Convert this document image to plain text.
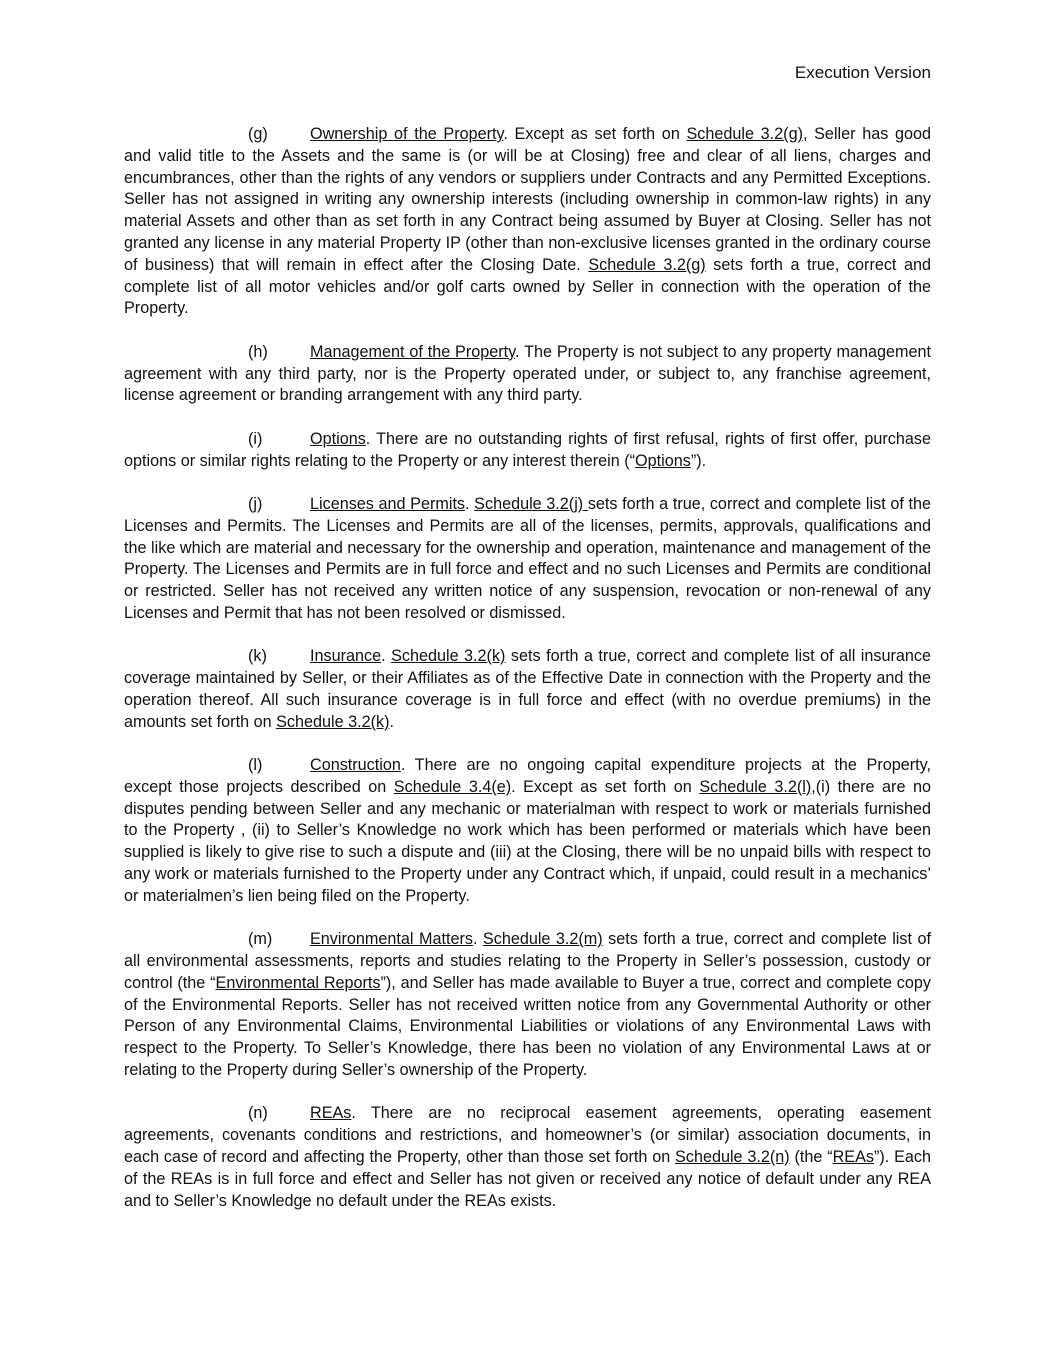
Execution Version

(g)	Ownership of the Property. Except as set forth on Schedule 3.2(g), Seller has good and valid title to the Assets and the same is (or will be at Closing) free and clear of all liens, charges and encumbrances, other than the rights of any vendors or suppliers under Contracts and any Permitted Exceptions. Seller has not assigned in writing any ownership interests (including ownership in common-law rights) in any material Assets and other than as set forth in any Contract being assumed by Buyer at Closing. Seller has not granted any license in any material Property IP (other than non-exclusive licenses granted in the ordinary course of business) that will remain in effect after the Closing Date. Schedule 3.2(g) sets forth a true, correct and complete list of all motor vehicles and/or golf carts owned by Seller in connection with the operation of the Property.

(h)	Management of the Property. The Property is not subject to any property management agreement with any third party, nor is the Property operated under, or subject to, any franchise agreement, license agreement or branding arrangement with any third party.

(i)	Options. There are no outstanding rights of first refusal, rights of first offer, purchase options or similar rights relating to the Property or any interest therein (“Options”).

(j)	Licenses and Permits. Schedule 3.2(j) sets forth a true, correct and complete list of the Licenses and Permits. The Licenses and Permits are all of the licenses, permits, approvals, qualifications and the like which are material and necessary for the ownership and operation, maintenance and management of the Property. The Licenses and Permits are in full force and effect and no such Licenses and Permits are conditional or restricted. Seller has not received any written notice of any suspension, revocation or non-renewal of any Licenses and Permit that has not been resolved or dismissed.

(k)	Insurance. Schedule 3.2(k) sets forth a true, correct and complete list of all insurance coverage maintained by Seller, or their Affiliates as of the Effective Date in connection with the Property and the operation thereof. All such insurance coverage is in full force and effect (with no overdue premiums) in the amounts set forth on Schedule 3.2(k).

(l)	Construction. There are no ongoing capital expenditure projects at the Property, except those projects described on Schedule 3.4(e). Except as set forth on Schedule 3.2(l),(i) there are no disputes pending between Seller and any mechanic or materialman with respect to work or materials furnished to the Property , (ii) to Seller’s Knowledge no work which has been performed or materials which have been supplied is likely to give rise to such a dispute and (iii) at the Closing, there will be no unpaid bills with respect to any work or materials furnished to the Property under any Contract which, if unpaid, could result in a mechanics’ or materialmen’s lien being filed on the Property.

(m) Environmental Matters. Schedule 3.2(m) sets forth a true, correct and complete list of all environmental assessments, reports and studies relating to the Property in Seller’s possession, custody or control (the “Environmental Reports”), and Seller has made available to Buyer a true, correct and complete copy of the Environmental Reports. Seller has not received written notice from any Governmental Authority or other Person of any Environmental Claims, Environmental Liabilities or violations of any Environmental Laws with respect to the Property. To Seller’s Knowledge, there has been no violation of any Environmental Laws at or relating to the Property during Seller’s ownership of the Property.

(n)	REAs. There are no reciprocal easement agreements, operating easement agreements, covenants conditions and restrictions, and homeowner’s (or similar) association documents, in each case of record and affecting the Property, other than those set forth on Schedule 3.2(n) (the “REAs”). Each of the REAs is in full force and effect and Seller has not given or received any notice of default under any REA and to Seller’s Knowledge no default under the REAs exists.
